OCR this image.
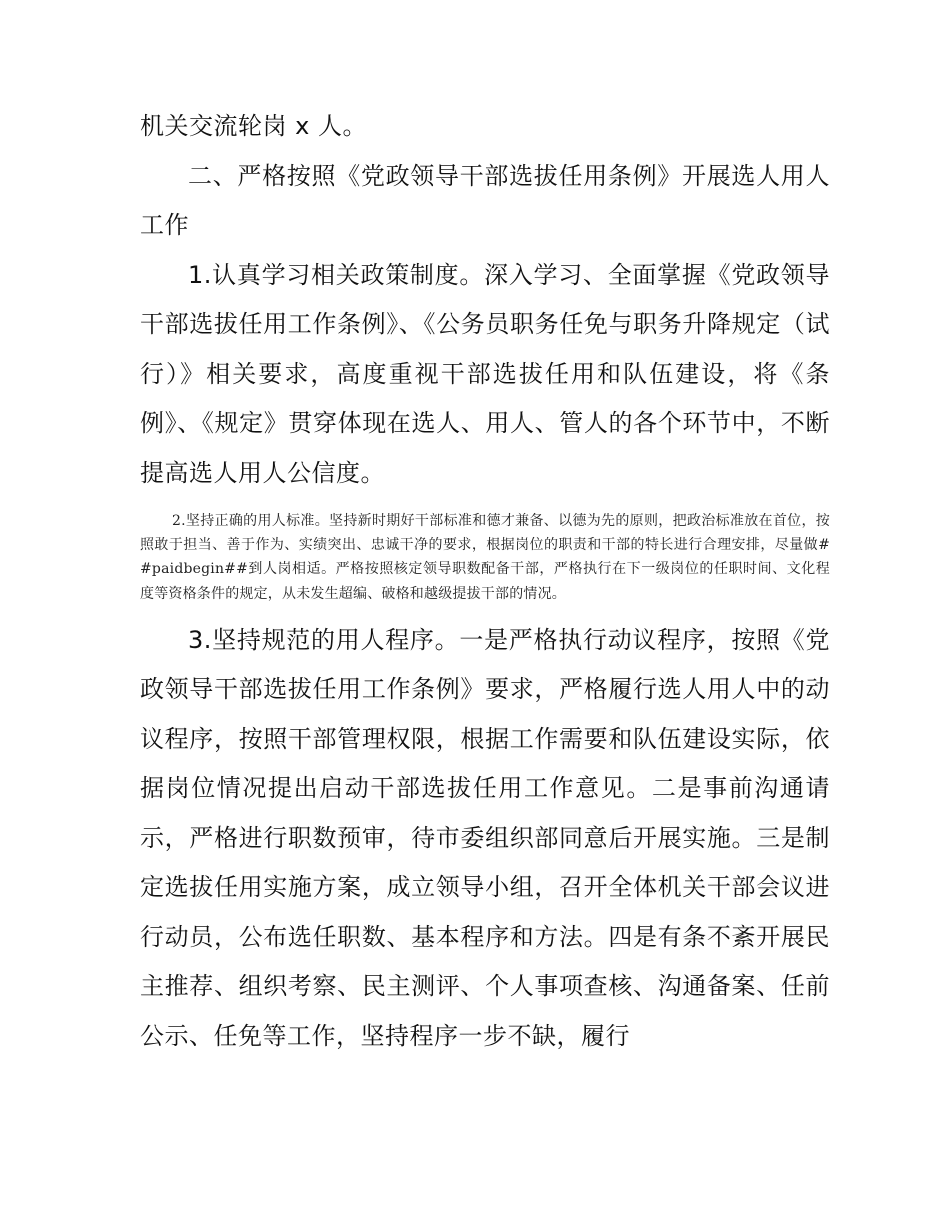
机关交流轮岗 x 人。

二、严格按照《党政领导干部选拔任用条例》开展选人用人工作

1.认真学习相关政策制度。深入学习、全面掌握《党政领导干部选拔任用工作条例》、《公务员职务任免与职务升降规定（试行）》相关要求，高度重视干部选拔任用和队伍建设，将《条例》、《规定》贯穿体现在选人、用人、管人的各个环节中，不断提高选人用人公信度。

2.坚持正确的用人标准。坚持新时期好干部标准和德才兼备、以德为先的原则，把政治标准放在首位，按照敢于担当、善于作为、实绩突出、忠诚干净的要求，根据岗位的职责和干部的特长进行合理安排，尽量做##paidbegin##到人岗相适。严格按照核定领导职数配备干部，严格执行在下一级岗位的任职时间、文化程度等资格条件的规定，从未发生超编、破格和越级提拔干部的情况。

3.坚持规范的用人程序。一是严格执行动议程序，按照《党政领导干部选拔任用工作条例》要求，严格履行选人用人中的动议程序，按照干部管理权限，根据工作需要和队伍建设实际，依据岗位情况提出启动干部选拔任用工作意见。二是事前沟通请示，严格进行职数预审，待市委组织部同意后开展实施。三是制定选拔任用实施方案，成立领导小组，召开全体机关干部会议进行动员，公布选任职数、基本程序和方法。四是有条不紊开展民主推荐、组织考察、民主测评、个人事项查核、沟通备案、任前公示、任免等工作，坚持程序一步不缺，履行
